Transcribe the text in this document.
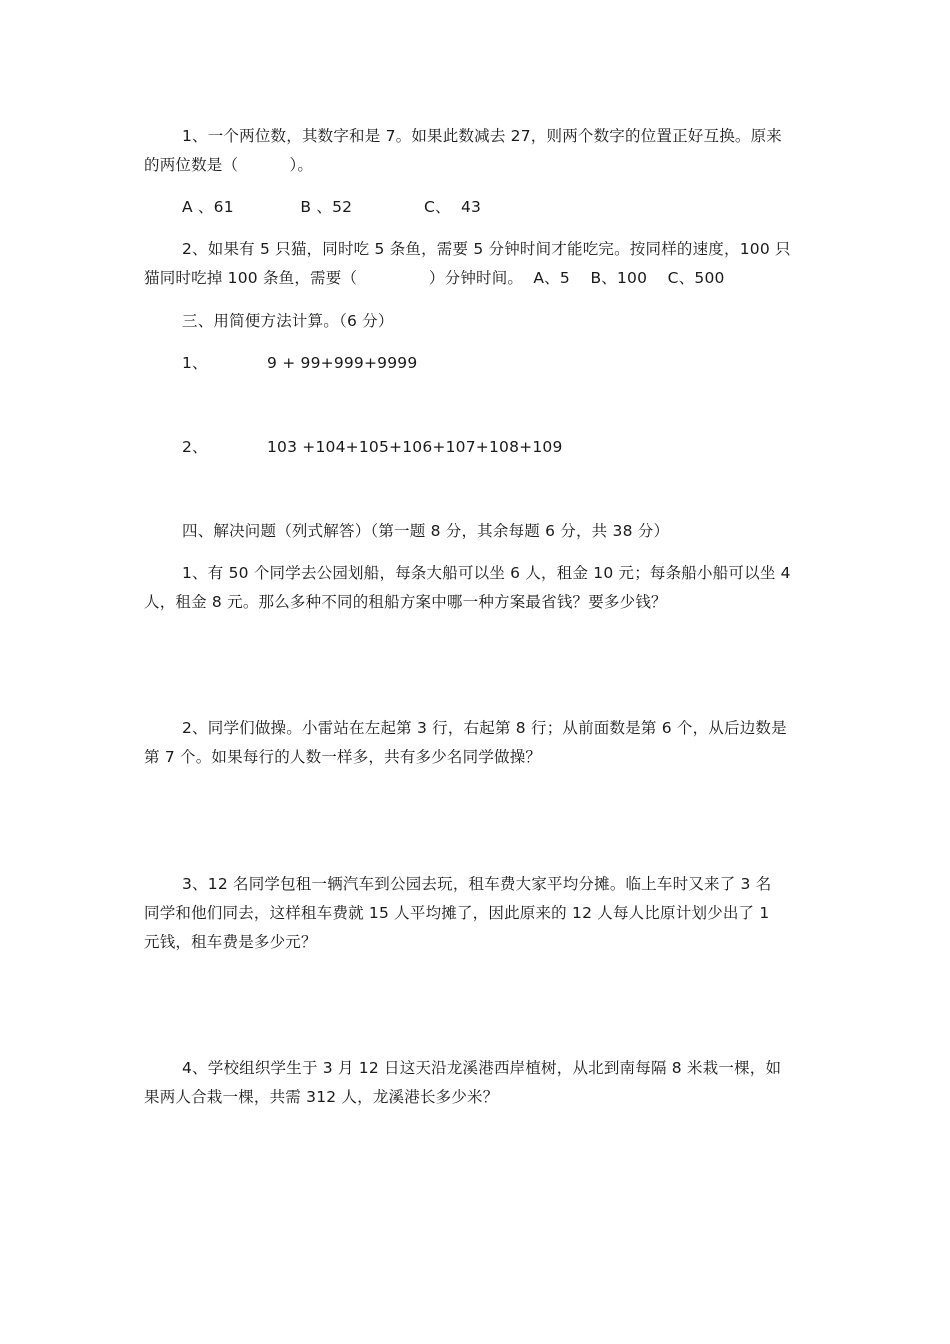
1、一个两位数，其数字和是 7。如果此数减去 27，则两个数字的位置正好互换。原来
的两位数是（          ）。
A 、61             B 、52              C、  43
2、如果有 5 只猫，同时吃 5 条鱼，需要 5 分钟时间才能吃完。按同样的速度，100 只
猫同时吃掉 100 条鱼，需要（              ）分钟时间。  A、5    B、100    C、500
三、用简便方法计算。（6 分）
1、	9 + 99+999+9999
2、	103 +104+105+106+107+108+109
四、解决问题（列式解答）（第一题 8 分，其余每题 6 分，共 38 分）
1、有 50 个同学去公园划船，每条大船可以坐 6 人，租金 10 元；每条船小船可以坐 4
人，租金 8 元。那么多种不同的租船方案中哪一种方案最省钱？要多少钱？
2、同学们做操。小雷站在左起第 3 行，右起第 8 行；从前面数是第 6 个，从后边数是
第 7 个。如果每行的人数一样多，共有多少名同学做操？
3、12 名同学包租一辆汽车到公园去玩，租车费大家平均分摊。临上车时又来了 3 名
同学和他们同去，这样租车费就 15 人平均摊了，因此原来的 12 人每人比原计划少出了 1
元钱，租车费是多少元？
4、学校组织学生于 3 月 12 日这天沿龙溪港西岸植树，从北到南每隔 8 米栽一棵，如
果两人合栽一棵，共需 312 人，龙溪港长多少米？
